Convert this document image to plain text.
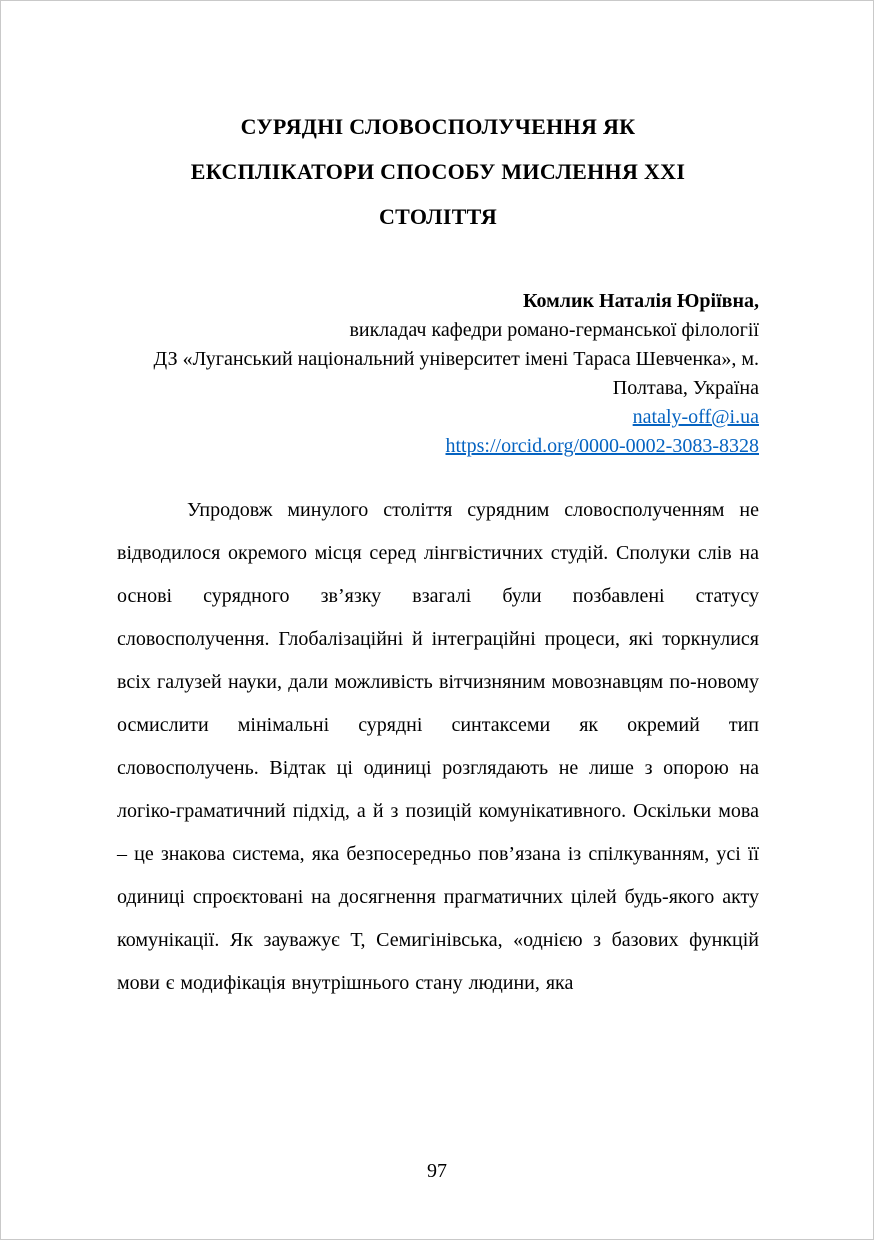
СУРЯДНІ СЛОВОСПОЛУЧЕННЯ ЯК
ЕКСПЛІКАТОРИ СПОСОБУ МИСЛЕННЯ ХХІ
СТОЛІТТЯ
Комлик Наталія Юріївна,
викладач кафедри романо-германської філології
ДЗ «Луганський національний університет імені Тараса Шевченка», м. Полтава, Україна
nataly-off@i.ua
https://orcid.org/0000-0002-3083-8328

Упродовж минулого століття сурядним словосполученням не відводилося окремого місця серед лінгвістичних студій. Сполуки слів на основі сурядного зв’язку взагалі були позбавлені статусу словосполучення. Глобалізаційні й інтеграційні процеси, які торкнулися всіх галузей науки, дали можливість вітчизняним мовознавцям по-новому осмислити мінімальні сурядні синтаксеми як окремий тип словосполучень. Відтак ці одиниці розглядають не лише з опорою на логіко-граматичний підхід, а й з позицій комунікативного. Оскільки мова – це знакова система, яка безпосередньо пов’язана із спілкуванням, усі її одиниці спроєктовані на досягнення прагматичних цілей будь-якого акту комунікації. Як зауважує Т, Семигінівська, «однією з базових функцій мови є модифікація внутрішнього стану людини, яка

97
